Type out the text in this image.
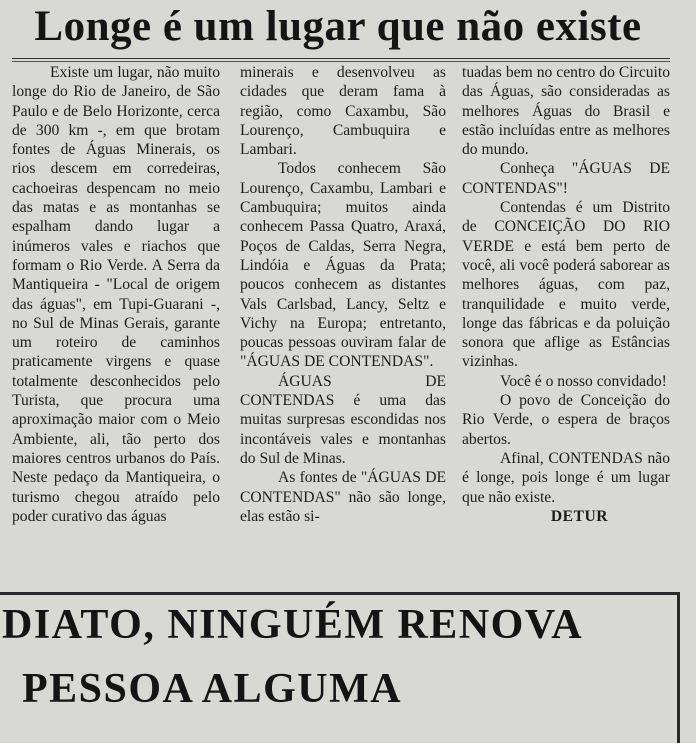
Longe é um lugar que não existe

Existe um lugar, não muito longe do Rio de Janeiro, de São Paulo e de Belo Horizonte, cerca de 300 km -, em que brotam fontes de Águas Minerais, os rios descem em corredeiras, cachoeiras despencam no meio das matas e as montanhas se espalham dando lugar a inúmeros vales e riachos que formam o Rio Verde. A Serra da Mantiqueira - "Local de origem das águas", em Tupi-Guarani -, no Sul de Minas Gerais, garante um roteiro de caminhos praticamente virgens e quase totalmente desconhecidos pelo Turista, que procura uma aproximação maior com o Meio Ambiente, ali, tão perto dos maiores centros urbanos do País. Neste pedaço da Mantiqueira, o turismo chegou atraído pelo poder curativo das águas

minerais e desenvolveu as cidades que deram fama à região, como Caxambu, São Lourenço, Cambuquira e Lambari.

Todos conhecem São Lourenço, Caxambu, Lambari e Cambuquira; muitos ainda conhecem Passa Quatro, Araxá, Poços de Caldas, Serra Negra, Lindóia e Águas da Prata; poucos conhecem as distantes Vals Carlsbad, Lancy, Seltz e Vichy na Europa; entretanto, poucas pessoas ouviram falar de "ÁGUAS DE CONTENDAS".

ÁGUAS DE CONTENDAS é uma das muitas surpresas escondidas nos incontáveis vales e montanhas do Sul de Minas.

As fontes de "ÁGUAS DE CONTENDAS" não são longe, elas estão si-

tuadas bem no centro do Circuito das Águas, são consideradas as melhores Águas do Brasil e estão incluídas entre as melhores do mundo.

Conheça "ÁGUAS DE CONTENDAS"!

Contendas é um Distrito de CONCEIÇÃO DO RIO VERDE e está bem perto de você, ali você poderá saborear as melhores águas, com paz, tranquilidade e muito verde, longe das fábricas e da poluição sonora que aflige as Estâncias vizinhas.

Você é o nosso convidado!

O povo de Conceição do Rio Verde, o espera de braços abertos.

Afinal, CONTENDAS não é longe, pois longe é um lugar que não existe.

DETUR

DIATO, NINGUÉM RENOVA
PESSOA ALGUMA
